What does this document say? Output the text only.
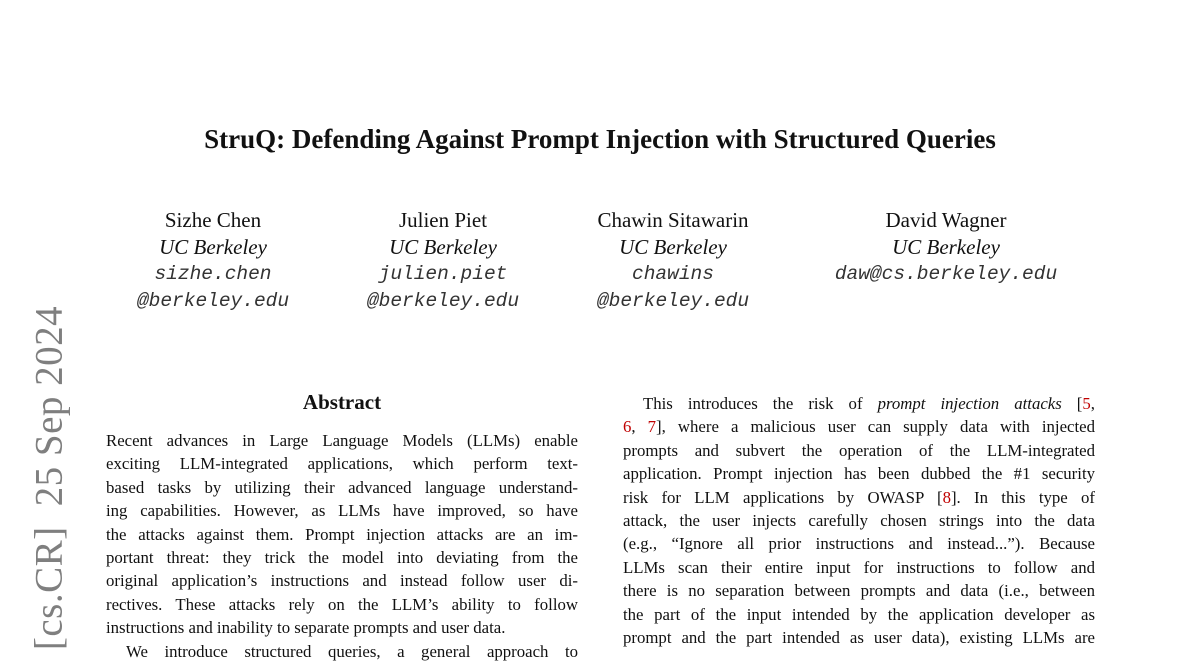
[cs.CR]25 Sep 2024
StruQ: Defending Against Prompt Injection with Structured Queries
Sizhe Chen
UC Berkeley
sizhe.chen
@berkeley.edu
Julien Piet
UC Berkeley
julien.piet
@berkeley.edu
Chawin Sitawarin
UC Berkeley
chawins
@berkeley.edu
David Wagner
UC Berkeley
daw@cs.berkeley.edu
Abstract
Recent advances in Large Language Models (LLMs) enable
exciting LLM-integrated applications, which perform text-
based tasks by utilizing their advanced language understand-
ing capabilities. However, as LLMs have improved, so have
the attacks against them. Prompt injection attacks are an im-
portant threat: they trick the model into deviating from the
original application’s instructions and instead follow user di-
rectives. These attacks rely on the LLM’s ability to follow
instructions and inability to separate prompts and user data.
We introduce structured queries, a general approach to
This introduces the risk of prompt injection attacks [5,
6, 7], where a malicious user can supply data with injected
prompts and subvert the operation of the LLM-integrated
application. Prompt injection has been dubbed the #1 security
risk for LLM applications by OWASP [8]. In this type of
attack, the user injects carefully chosen strings into the data
(e.g., “Ignore all prior instructions and instead...”). Because
LLMs scan their entire input for instructions to follow and
there is no separation between prompts and data (i.e., between
the part of the input intended by the application developer as
prompt and the part intended as user data), existing LLMs are
